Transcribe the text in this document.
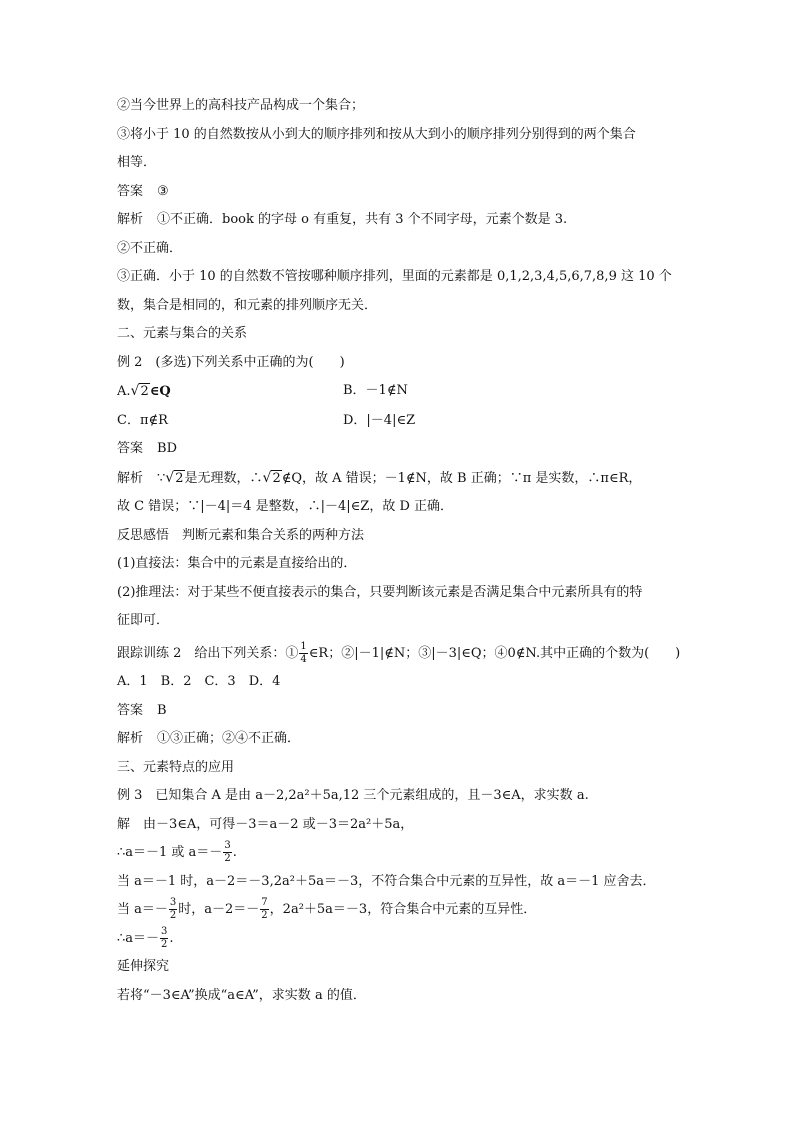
②当今世界上的高科技产品构成一个集合；

③将小于 10 的自然数按从小到大的顺序排列和按从大到小的顺序排列分别得到的两个集合

相等．

答案 ③

解析 ①不正确．book 的字母 o 有重复，共有 3 个不同字母，元素个数是 3.

②不正确．

③正确．小于 10 的自然数不管按哪种顺序排列，里面的元素都是 0,1,2,3,4,5,6,7,8,9 这 10 个

数，集合是相同的，和元素的排列顺序无关．

二、元素与集合的关系

例 2　(多选)下列关系中正确的为(　　)

A.√2∈Q	B．－1∉N
C．π∉R	D．|－4|∈Z

答案 BD

解析 ∵√2是无理数，∴√2∉Q，故 A 错误；－1∉N，故 B 正确；∵π 是实数，∴π∈R，

故 C 错误；∵|－4|＝4 是整数，∴|－4|∈Z，故 D 正确．

反思感悟　判断元素和集合关系的两种方法

(1)直接法：集合中的元素是直接给出的．

(2)推理法：对于某些不便直接表示的集合，只要判断该元素是否满足集合中元素所具有的特

征即可．

跟踪训练 2　给出下列关系：① $\frac{1}{4}$ ∈R；②|－1|∉N；③|－3|∈Q；④0∉N.其中正确的个数为(　　)

A．1　B．2　C．3　D．4

答案 B

解析 ①③正确；②④不正确．

三、元素特点的应用

例 3　已知集合 A 是由 a－2,2a²＋5a,12 三个元素组成的，且－3∈A，求实数 a.

解　由－3∈A，可得－3＝a－2 或－3＝2a²＋5a，

∴a＝－1 或 $a=- \frac{3}{2}$ .

当 a＝－1 时，a－2＝－3,2a²＋5a＝－3，不符合集合中元素的互异性，故 a＝－1 应舍去．

当 $a=- \frac{3}{2}$ 时，$a-2=- \frac{7}{2}$ ，2a²＋5a＝－3，符合集合中元素的互异性．

∴a＝－ $\frac{3}{2}$ .

延伸探究

若将“－3∈A”换成“a∈A”，求实数 a 的值．
